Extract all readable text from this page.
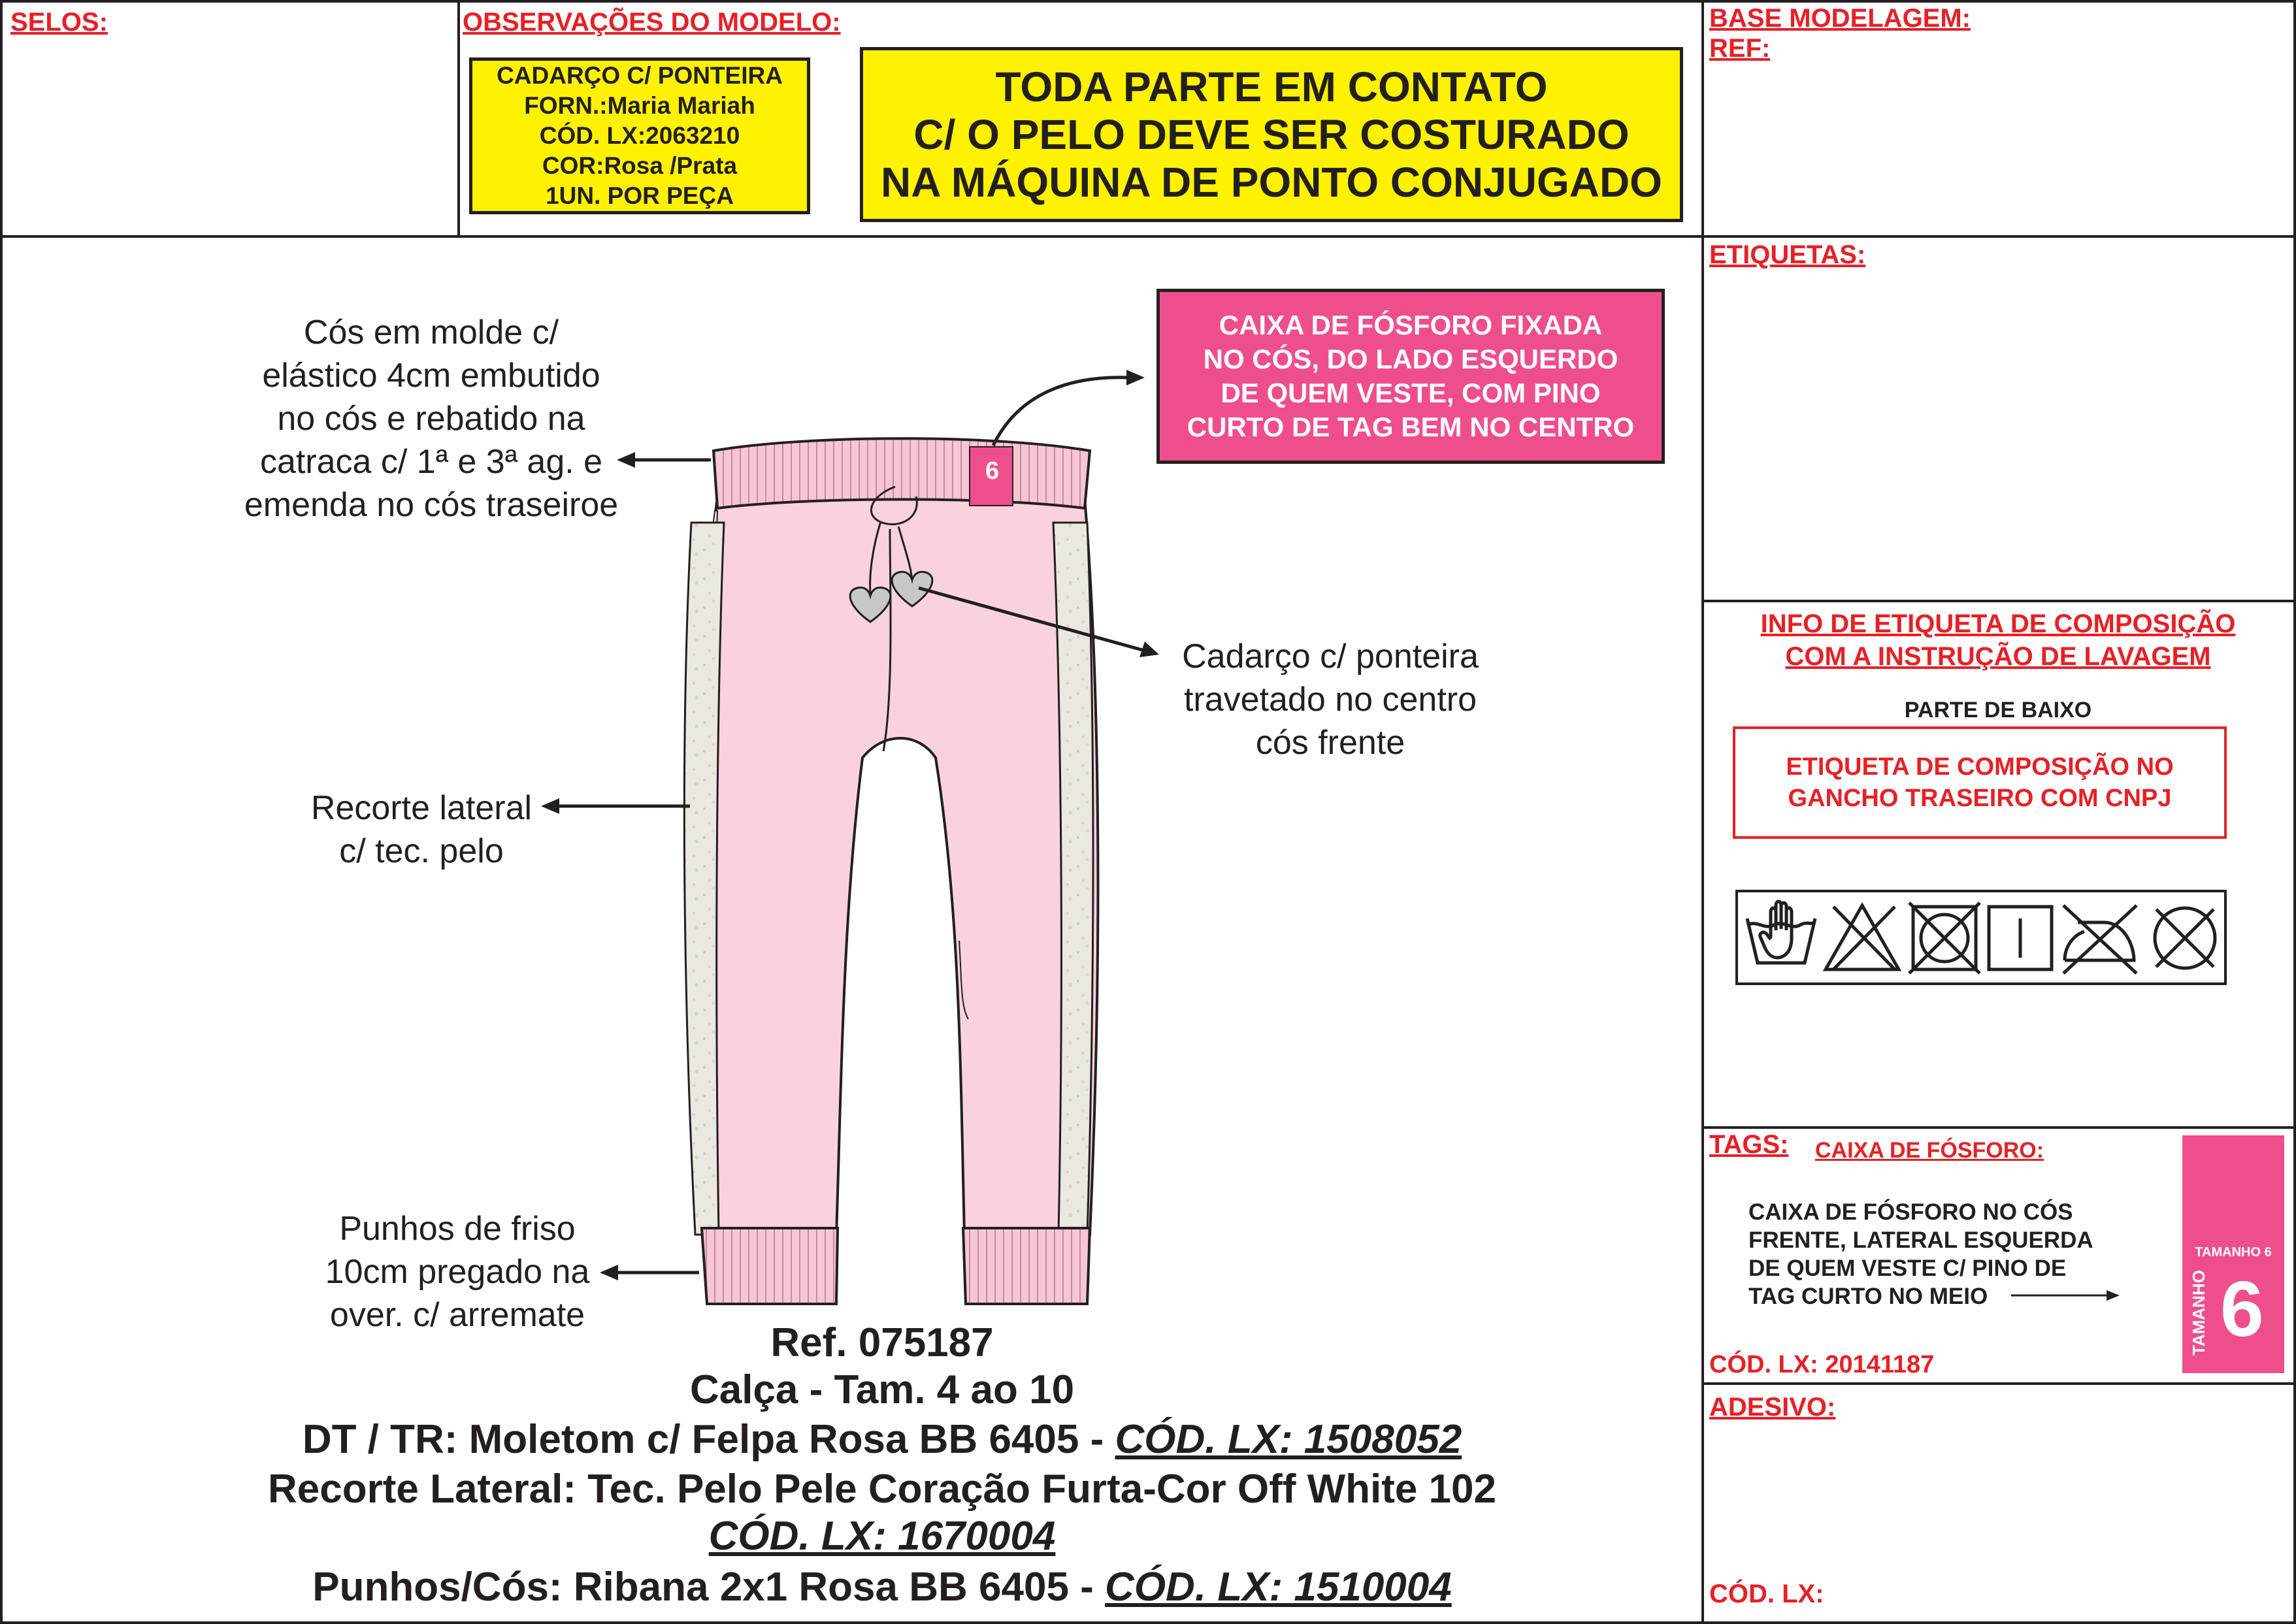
SELOS:	OBSERVAÇÕES DO MODELO:	BASE MODELAGEM:
REF:
CADARÇO C/ PONTEIRA
FORN.:Maria Mariah
CÓD. LX:2063210
COR:Rosa /Prata
1UN. POR PEÇA
TODA PARTE EM CONTATO
C/ O PELO DEVE SER COSTURADO
NA MÁQUINA DE PONTO CONJUGADO
CAIXA DE FÓSFORO FIXADA
NO CÓS, DO LADO ESQUERDO
DE QUEM VESTE, COM PINO
CURTO DE TAG BEM NO CENTRO
Cós em molde c/
elástico 4cm embutido
no cós e rebatido na
catraca c/ 1ª e 3ª ag. e
emenda no cós traseiroe
Cadarço c/ ponteira
travetado no centro
cós frente
Recorte lateral
c/ tec. pelo
Punhos de friso
10cm pregado na
over. c/ arremate
6
Ref. 075187
Calça - Tam. 4 ao 10
DT / TR: Moletom c/ Felpa Rosa BB 6405 - CÓD. LX: 1508052
Recorte Lateral: Tec. Pelo Pele Coração Furta-Cor Off White 102
CÓD. LX: 1670004
Punhos/Cós: Ribana 2x1 Rosa BB 6405 - CÓD. LX: 1510004
ETIQUETAS:
INFO DE ETIQUETA DE COMPOSIÇÃO
COM A INSTRUÇÃO DE LAVAGEM
PARTE DE BAIXO
ETIQUETA DE COMPOSIÇÃO NO
GANCHO TRASEIRO COM CNPJ
TAGS: CAIXA DE FÓSFORO:
CAIXA DE FÓSFORO NO CÓS
FRENTE, LATERAL ESQUERDA
DE QUEM VESTE C/ PINO DE
TAG CURTO NO MEIO
TAMANHO 6
TAMANHO 6
CÓD. LX: 20141187
ADESIVO:
CÓD. LX:
